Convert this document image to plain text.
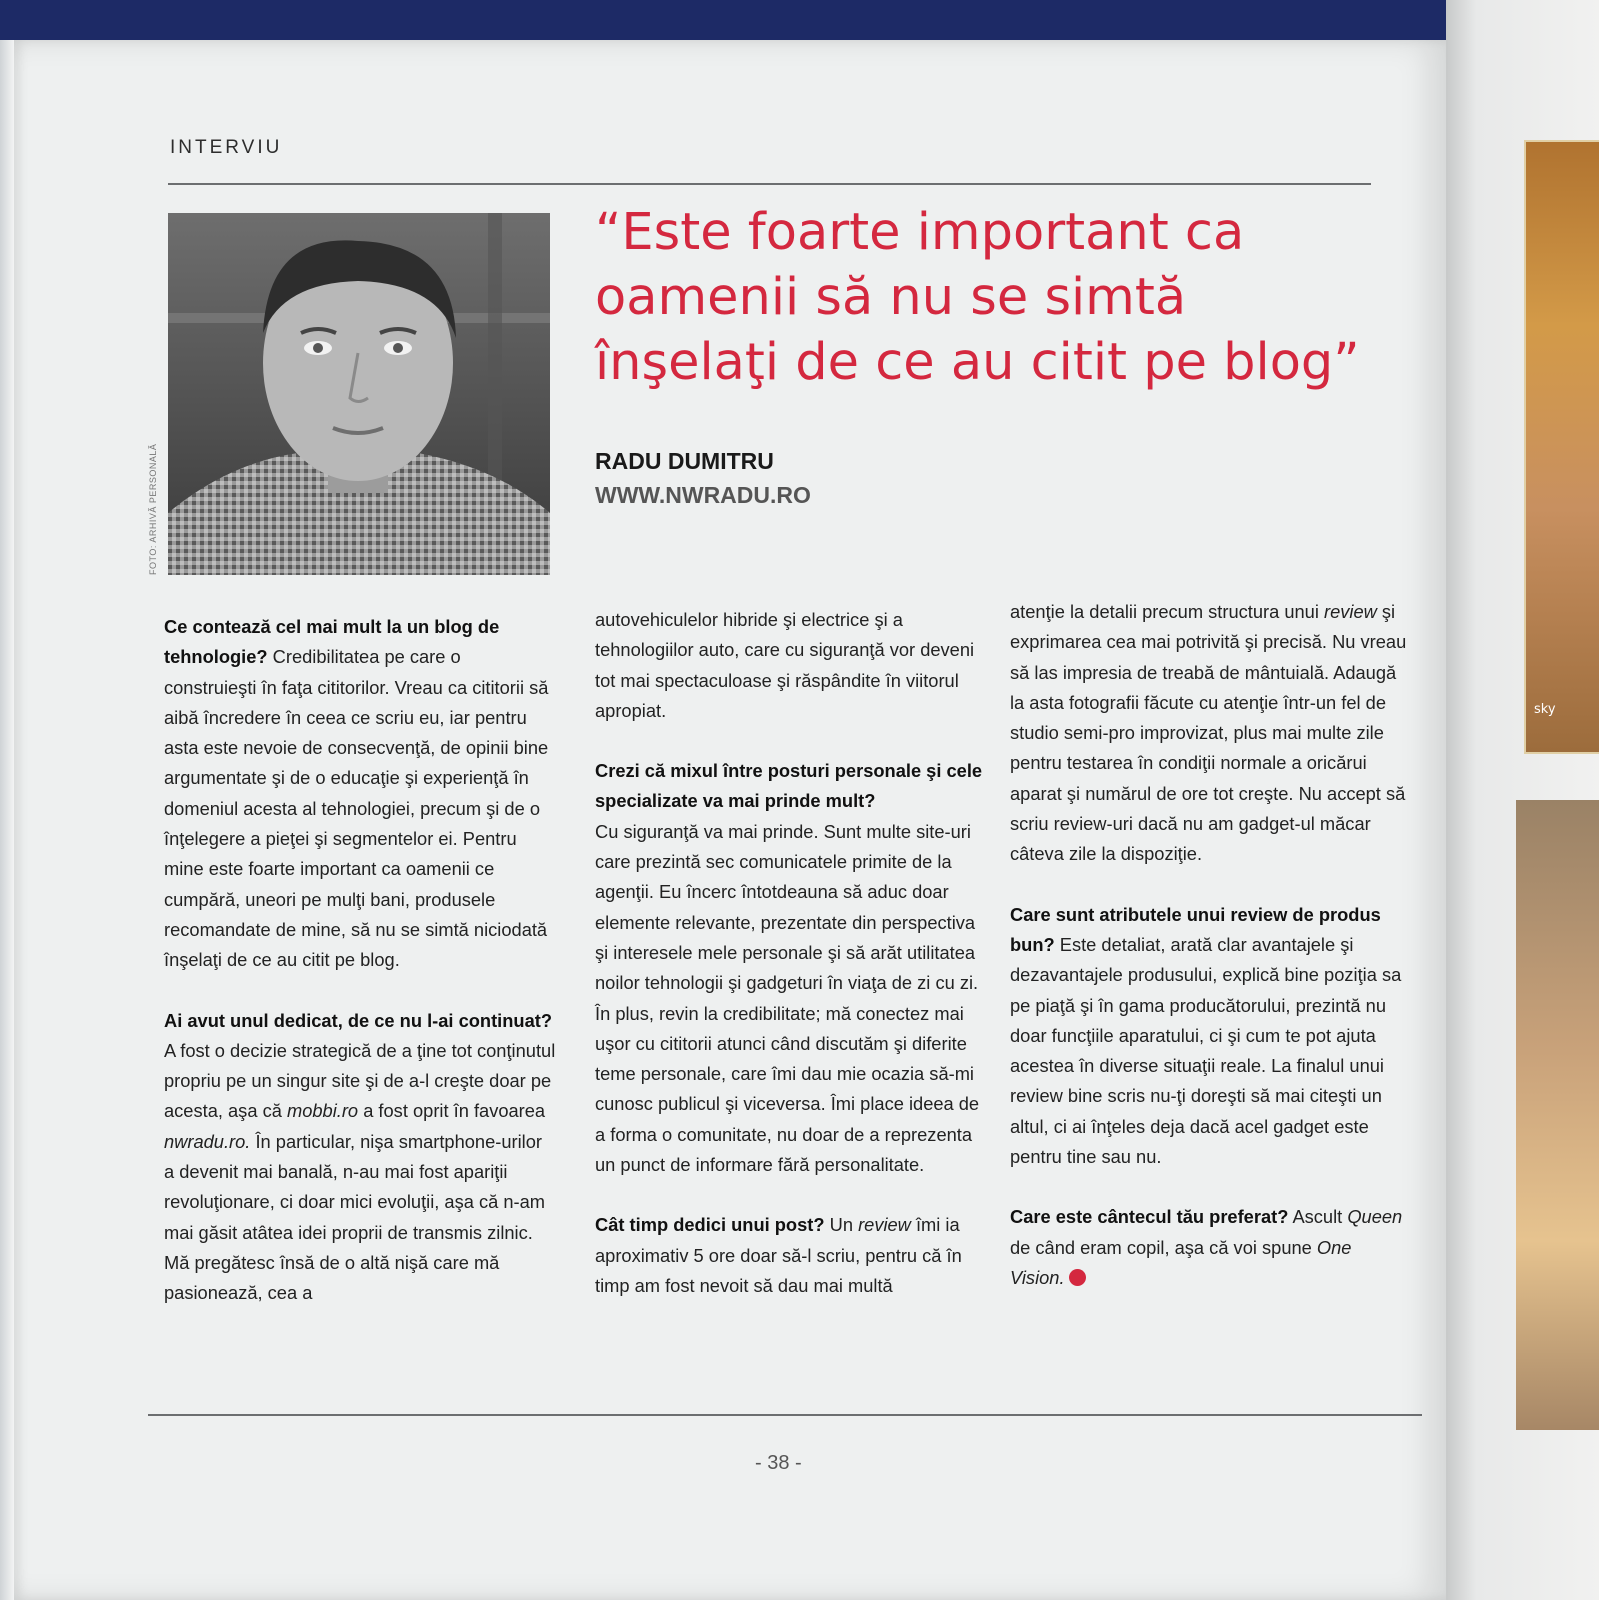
sky
INTERVIU
FOTO: ARHIVĂ PERSONALĂ
“Este foarte important ca oamenii să nu se simtă înşelaţi de ce au citit pe blog”
RADU DUMITRU
WWW.NWRADU.RO

Ce contează cel mai mult la un blog de tehnologie? Credibilitatea pe care o construieşti în faţa cititorilor. Vreau ca cititorii să aibă încredere în ceea ce scriu eu, iar pentru asta este nevoie de consecvenţă, de opinii bine argumentate şi de o educaţie şi experienţă în domeniul acesta al tehnologiei, precum şi de o înţelegere a pieţei şi segmentelor ei. Pentru mine este foarte important ca oamenii ce cumpără, uneori pe mulţi bani, produsele recomandate de mine, să nu se simtă niciodată înşelaţi de ce au citit pe blog.

Ai avut unul dedicat, de ce nu l-ai continuat? A fost o decizie strategică de a ţine tot conţinutul propriu pe un singur site şi de a-l creşte doar pe acesta, aşa că mobbi.ro a fost oprit în favoarea nwradu.ro. În particular, nişa smartphone-urilor a devenit mai banală, n-au mai fost apariţii revoluţionare, ci doar mici evoluţii, aşa că n-am mai găsit atâtea idei proprii de transmis zilnic. Mă pregătesc însă de o altă nişă care mă pasionează, cea a

autovehiculelor hibride şi electrice şi a tehnologiilor auto, care cu siguranţă vor deveni tot mai spectaculoase şi răspândite în viitorul apropiat.

Crezi că mixul între posturi personale şi cele specializate va mai prinde mult?
Cu siguranţă va mai prinde. Sunt multe site-uri care prezintă sec comunicatele primite de la agenţii. Eu încerc întotdeauna să aduc doar elemente relevante, prezentate din perspectiva şi interesele mele personale şi să arăt utilitatea noilor tehnologii şi gadgeturi în viaţa de zi cu zi. În plus, revin la credibilitate; mă conectez mai uşor cu cititorii atunci când discutăm şi diferite teme personale, care îmi dau mie ocazia să-mi cunosc publicul şi viceversa. Îmi place ideea de a forma o comunitate, nu doar de a reprezenta un punct de informare fără personalitate.

Cât timp dedici unui post? Un review îmi ia aproximativ 5 ore doar să-l scriu, pentru că în timp am fost nevoit să dau mai multă

atenţie la detalii precum structura unui review şi exprimarea cea mai potrivită şi precisă. Nu vreau să las impresia de treabă de mântuială. Adaugă la asta fotografii făcute cu atenţie într-un fel de studio semi-pro improvizat, plus mai multe zile pentru testarea în condiţii normale a oricărui aparat şi numărul de ore tot creşte. Nu accept să scriu review-uri dacă nu am gadget-ul măcar câteva zile la dispoziţie.

Care sunt atributele unui review de produs bun? Este detaliat, arată clar avantajele şi dezavantajele produsului, explică bine poziţia sa pe piaţă şi în gama producătorului, prezintă nu doar funcţiile aparatului, ci şi cum te pot ajuta acestea în diverse situaţii reale. La finalul unui review bine scris nu-ţi doreşti să mai citeşti un altul, ci ai înţeles deja dacă acel gadget este pentru tine sau nu.

Care este cântecul tău preferat? Ascult Queen de când eram copil, aşa că voi spune One Vision.

- 38 -
